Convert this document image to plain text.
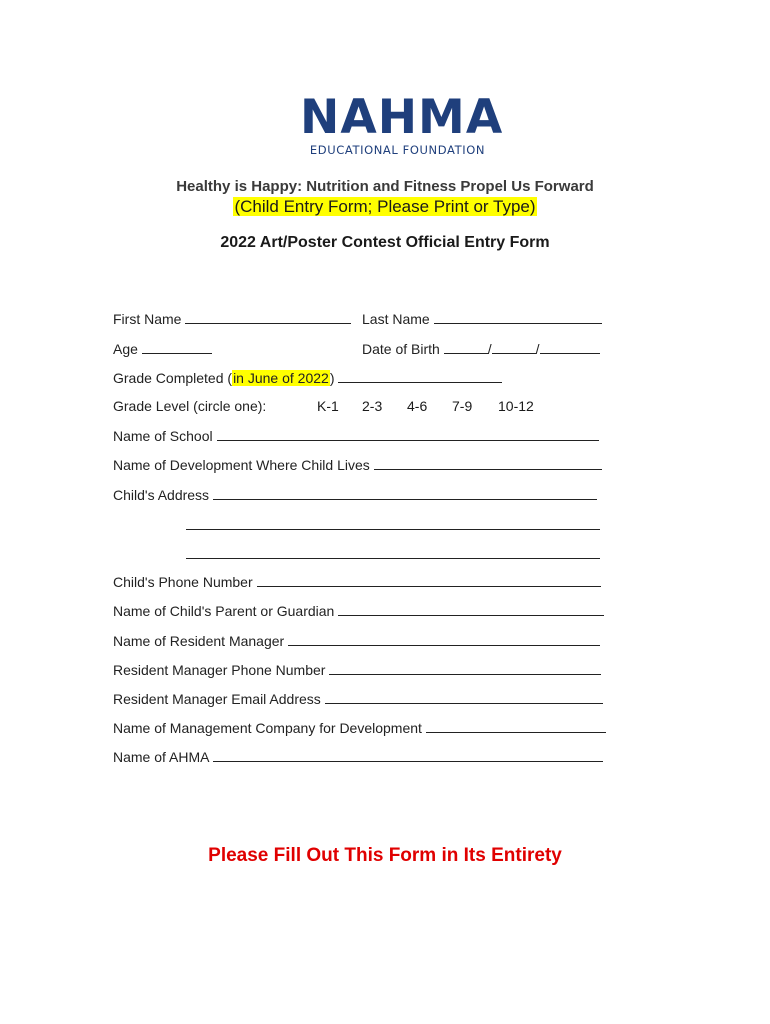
NAHMA
EDUCATIONAL FOUNDATION
Healthy is Happy: Nutrition and Fitness Propel Us Forward
(Child Entry Form; Please Print or Type)
2022 Art/Poster Contest Official Entry Form
First Name	Last Name
Age	Date of Birth	/	/
Grade Completed (in June of 2022)
Grade Level (circle one):	K-1 2-3 4-6 7-9 10-12
Name of School
Name of Development Where Child Lives
Child's Address
Child's Phone Number
Name of Child's Parent or Guardian
Name of Resident Manager
Resident Manager Phone Number
Resident Manager Email Address
Name of Management Company for Development
Name of AHMA
Please Fill Out This Form in Its Entirety
